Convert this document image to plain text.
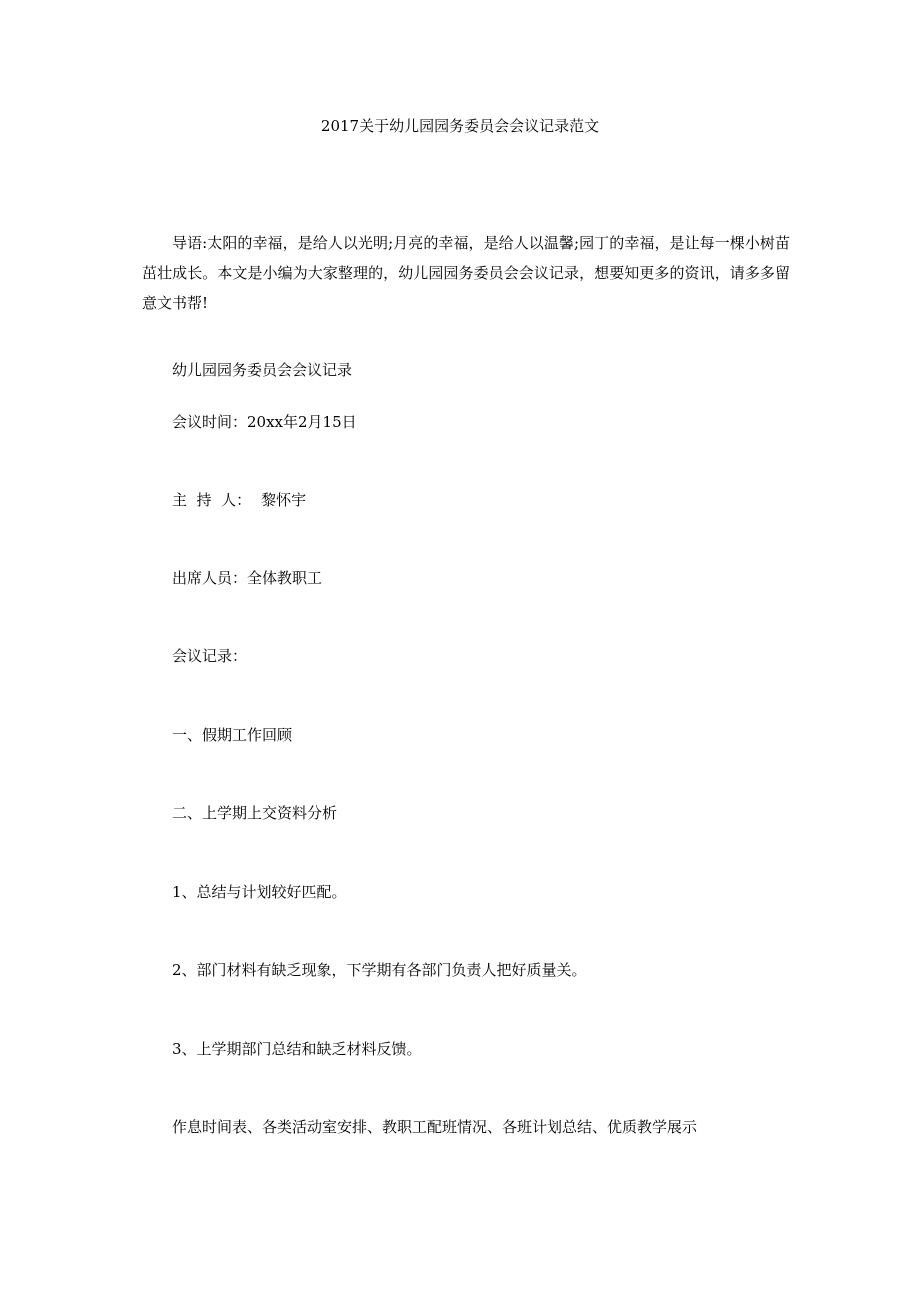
2017关于幼儿园园务委员会会议记录范文
导语:太阳的幸福，是给人以光明;月亮的幸福，是给人以温馨;园丁的幸福，是让每一棵小树苗茁壮成长。本文是小编为大家整理的，幼儿园园务委员会会议记录，想要知更多的资讯，请多多留意文书帮!
幼儿园园务委员会会议记录
会议时间：20xx年2月15日
主  持  人： 黎怀宇
出席人员：全体教职工
会议记录：
一、假期工作回顾
二、上学期上交资料分析
1、总结与计划较好匹配。
2、部门材料有缺乏现象，下学期有各部门负责人把好质量关。
3、上学期部门总结和缺乏材料反馈。
作息时间表、各类活动室安排、教职工配班情况、各班计划总结、优质教学展示
